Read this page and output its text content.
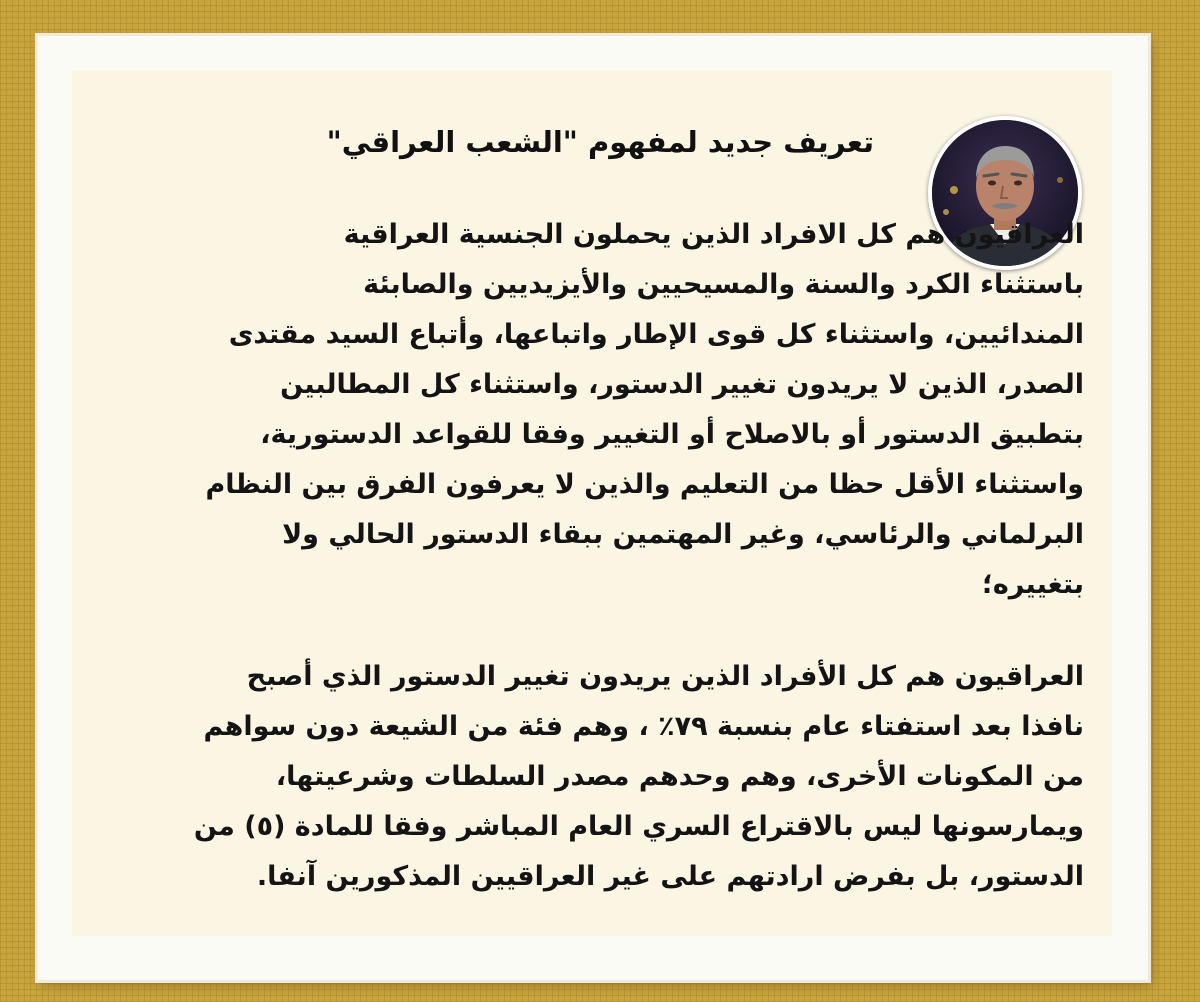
تعريف جديد لمفهوم "الشعب العراقي"

العراقيون هم كل الافراد الذين يحملون الجنسية العراقية
باستثناء الكرد والسنة والمسيحيين والأيزيديين والصابئة
المندائيين، واستثناء كل قوى الإطار واتباعها، وأتباع السيد مقتدى
الصدر، الذين لا يريدون تغيير الدستور، واستثناء كل المطالبين
بتطبيق الدستور أو بالاصلاح أو التغيير وفقا للقواعد الدستورية،
واستثناء الأقل حظا من التعليم والذين لا يعرفون الفرق بين النظام
البرلماني والرئاسي، وغير المهتمين ببقاء الدستور الحالي ولا
بتغييره؛

العراقيون هم كل الأفراد الذين يريدون تغيير الدستور الذي أصبح
نافذا بعد استفتاء عام بنسبة ٧٩٪ ، وهم فئة من الشيعة دون سواهم
من المكونات الأخرى، وهم وحدهم مصدر السلطات وشرعيتها،
ويمارسونها ليس بالاقتراع السري العام المباشر وفقا للمادة (٥) من
الدستور، بل بفرض ارادتهم على غير العراقيين المذكورين آنفا.
